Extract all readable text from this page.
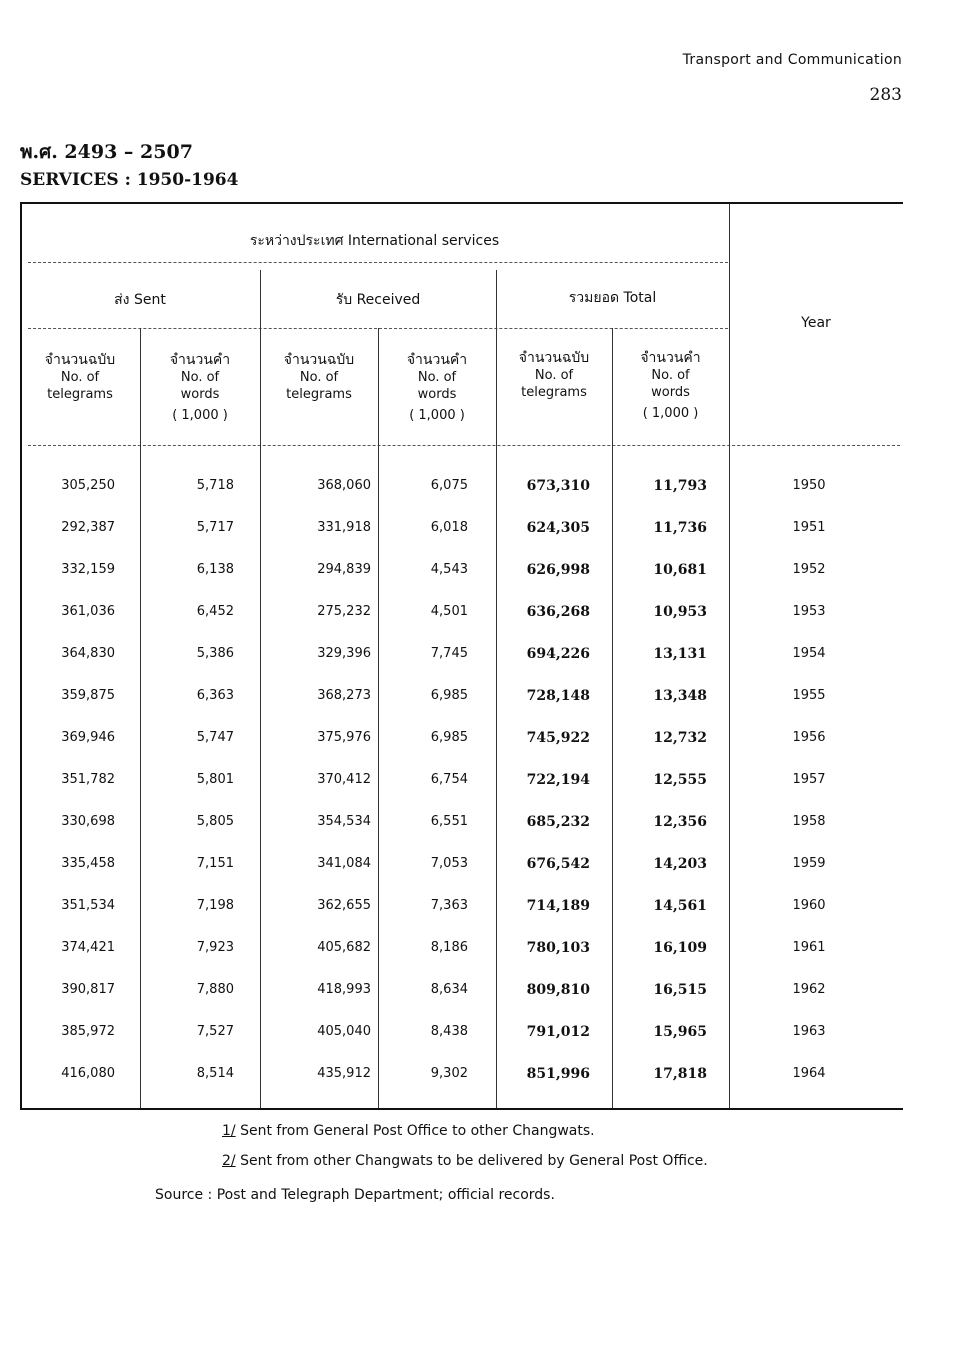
Transport and Communication
283
พ.ศ. 2493 – 2507
SERVICES : 1950-1964
ระหว่างประเทศ International services
ส่ง Sent	รับ Received	รวมยอด Total
Year
จำนวนฉบับ
No. of
telegrams
จำนวนคำ
No. of
words
( 1,000 )
จำนวนฉบับ
No. of
telegrams
จำนวนคำ
No. of
words
( 1,000 )
จำนวนฉบับ
No. of
telegrams
จำนวนคำ
No. of
words
( 1,000 )
305,250	5,718	368,060	6,075	673,310	11,793	1950
292,387	5,717	331,918	6,018	624,305	11,736	1951
332,159	6,138	294,839	4,543	626,998	10,681	1952
361,036	6,452	275,232	4,501	636,268	10,953	1953
364,830	5,386	329,396	7,745	694,226	13,131	1954
359,875	6,363	368,273	6,985	728,148	13,348	1955
369,946	5,747	375,976	6,985	745,922	12,732	1956
351,782	5,801	370,412	6,754	722,194	12,555	1957
330,698	5,805	354,534	6,551	685,232	12,356	1958
335,458	7,151	341,084	7,053	676,542	14,203	1959
351,534	7,198	362,655	7,363	714,189	14,561	1960
374,421	7,923	405,682	8,186	780,103	16,109	1961
390,817	7,880	418,993	8,634	809,810	16,515	1962
385,972	7,527	405,040	8,438	791,012	15,965	1963
416,080	8,514	435,912	9,302	851,996	17,818	1964
1/ Sent from General Post Office to other Changwats.
2/ Sent from other Changwats to be delivered by General Post Office.
Source : Post and Telegraph Department; official records.
